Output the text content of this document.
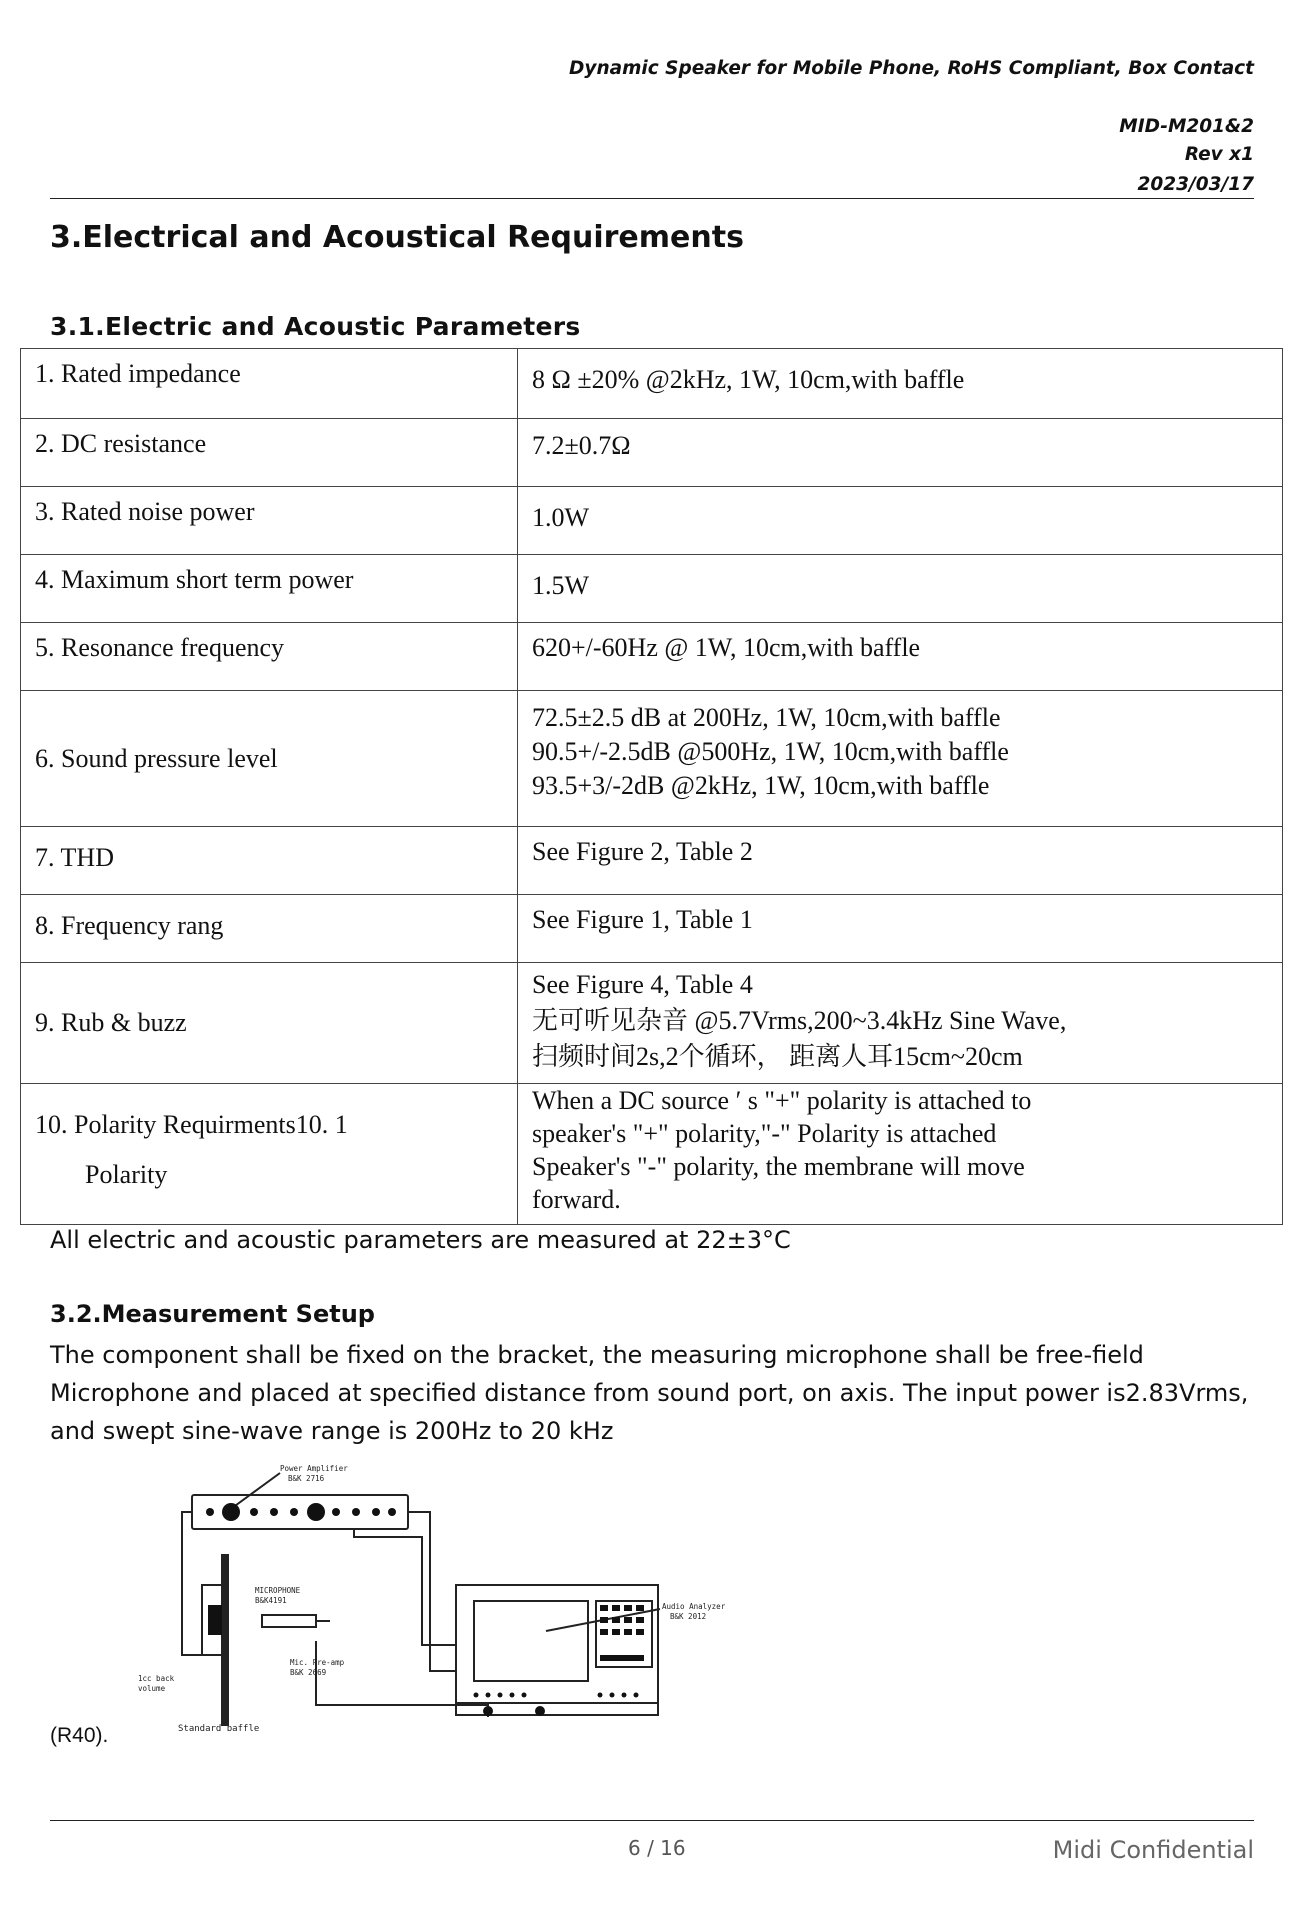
Dynamic Speaker for Mobile Phone, RoHS Compliant, Box Contact
MID-M201&2
Rev x1
2023/03/17
3.Electrical and Acoustical Requirements
3.1.Electric and Acoustic Parameters
1. Rated impedance	8 Ω ±20% @2kHz, 1W, 10cm,with baffle

2. DC resistance	7.2±0.7Ω

3. Rated noise power	1.0W

4. Maximum short term power	1.5W

5. Resonance frequency	620+/-60Hz @ 1W, 10cm,with baffle

6. Sound pressure level	72.5±2.5 dB at 200Hz, 1W, 10cm,with baffle
90.5+/-2.5dB @500Hz, 1W, 10cm,with baffle
93.5+3/-2dB @2kHz, 1W, 10cm,with baffle

7. THD	See Figure 2, Table 2

8. Frequency rang	See Figure 1, Table 1

9. Rub & buzz	See Figure 4, Table 4
无可听见杂音 @5.7Vrms,200~3.4kHz Sine Wave,
扫频时间2s,2个循环， 距离人耳15cm~20cm

10. Polarity Requirments10. 1
Polarity	When a DC source ′ s "+" polarity is attached to
speaker's "+" polarity,"-" Polarity is attached
Speaker's "-" polarity, the membrane will move
forward.
All electric and acoustic parameters are measured at 22±3°C
3.2.Measurement Setup
The component shall be fixed on the bracket, the measuring microphone shall be free-field Microphone and placed at specified distance from sound port, on axis. The input power is2.83Vrms, and swept sine-wave range is 200Hz to 20 kHz
Power Amplifier
B&K 2716
MICROPHONE
B&K4191
Mic. Pre-amp
B&K 2669
Audio Analyzer
B&K 2012
1cc back
volume
Standard baffle
(R40).
6 / 16	Midi Confidential
